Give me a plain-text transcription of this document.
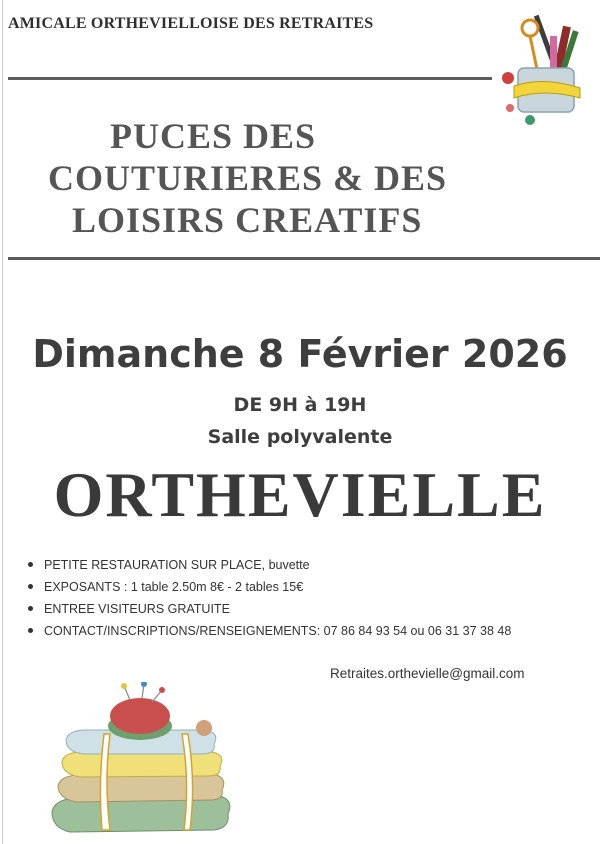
AMICALE ORTHEVIELLOISE DES RETRAITES
PUCES DES
COUTURIERES & DES
LOISIRS CREATIFS
Dimanche 8 Février 2026
DE 9H à 19H
Salle polyvalente
ORTHEVIELLE
PETITE RESTAURATION SUR PLACE, buvette
EXPOSANTS : 1 table 2.50m 8€ - 2 tables 15€
ENTREE VISITEURS GRATUITE
CONTACT/INSCRIPTIONS/RENSEIGNEMENTS: 07 86 84 93 54 ou 06 31 37 38 48
Retraites.orthevielle@gmail.com
